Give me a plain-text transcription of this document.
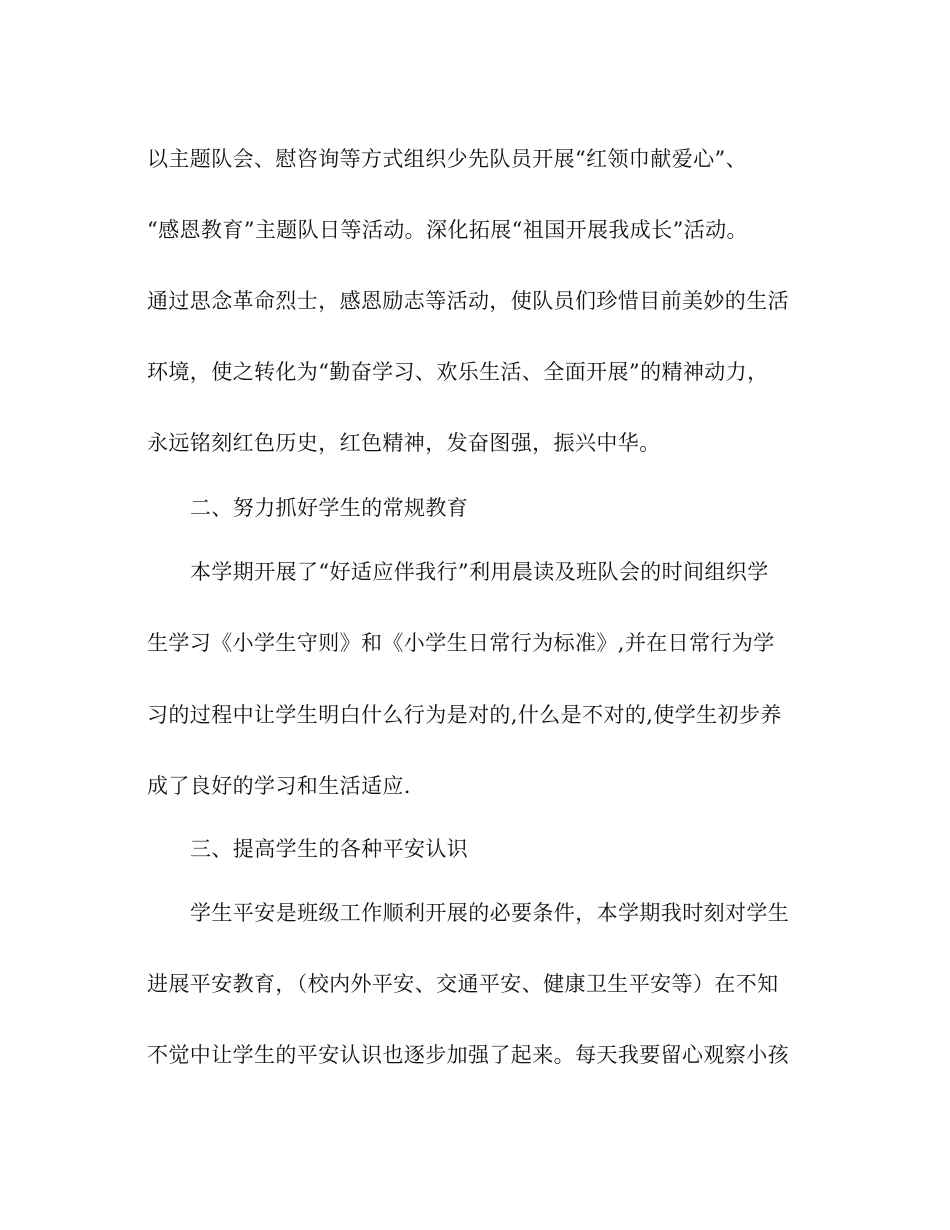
以主题队会、慰咨询等方式组织少先队员开展“红领巾献爱心”、

“感恩教育”主题队日等活动。深化拓展“祖国开展我成长”活动。

通过思念革命烈士，感恩励志等活动，使队员们珍惜目前美妙的生活

环境，使之转化为“勤奋学习、欢乐生活、全面开展”的精神动力，

永远铭刻红色历史，红色精神，发奋图强，振兴中华。

二、努力抓好学生的常规教育

本学期开展了“好适应伴我行”利用晨读及班队会的时间组织学

生学习《小学生守则》和《小学生日常行为标准》,并在日常行为学

习的过程中让学生明白什么行为是对的,什么是不对的,使学生初步养

成了良好的学习和生活适应.

三、提高学生的各种平安认识

学生平安是班级工作顺利开展的必要条件，本学期我时刻对学生

进展平安教育，（校内外平安、交通平安、健康卫生平安等）在不知

不觉中让学生的平安认识也逐步加强了起来。每天我要留心观察小孩
